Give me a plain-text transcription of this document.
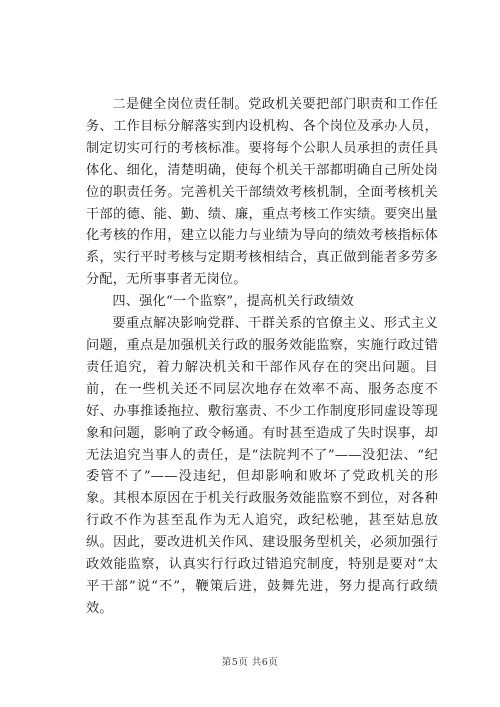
二是健全岗位责任制。党政机关要把部门职责和工作任务、工作目标分解落实到内设机构、各个岗位及承办人员，制定切实可行的考核标准。要将每个公职人员承担的责任具体化、细化，清楚明确，使每个机关干部都明确自己所处岗位的职责任务。完善机关干部绩效考核机制，全面考核机关干部的德、能、勤、绩、廉，重点考核工作实绩。要突出量化考核的作用，建立以能力与业绩为导向的绩效考核指标体系，实行平时考核与定期考核相结合，真正做到能者多劳多分配，无所事事者无岗位。

四、强化“一个监察”，提高机关行政绩效

要重点解决影响党群、干群关系的官僚主义、形式主义问题，重点是加强机关行政的服务效能监察，实施行政过错责任追究，着力解决机关和干部作风存在的突出问题。目前，在一些机关还不同层次地存在效率不高、服务态度不好、办事推诿拖拉、敷衍塞责、不少工作制度形同虚设等现象和问题，影响了政令畅通。有时甚至造成了失时误事，却无法追究当事人的责任，是“法院判不了”——没犯法、“纪委管不了”——没违纪，但却影响和败坏了党政机关的形象。其根本原因在于机关行政服务效能监察不到位，对各种行政不作为甚至乱作为无人追究，政纪松驰，甚至姑息放纵。因此，要改进机关作风、建设服务型机关，必须加强行政效能监察，认真实行行政过错追究制度，特别是要对“太平干部”说“不”，鞭策后进，鼓舞先进，努力提高行政绩效。

第5页 共6页
